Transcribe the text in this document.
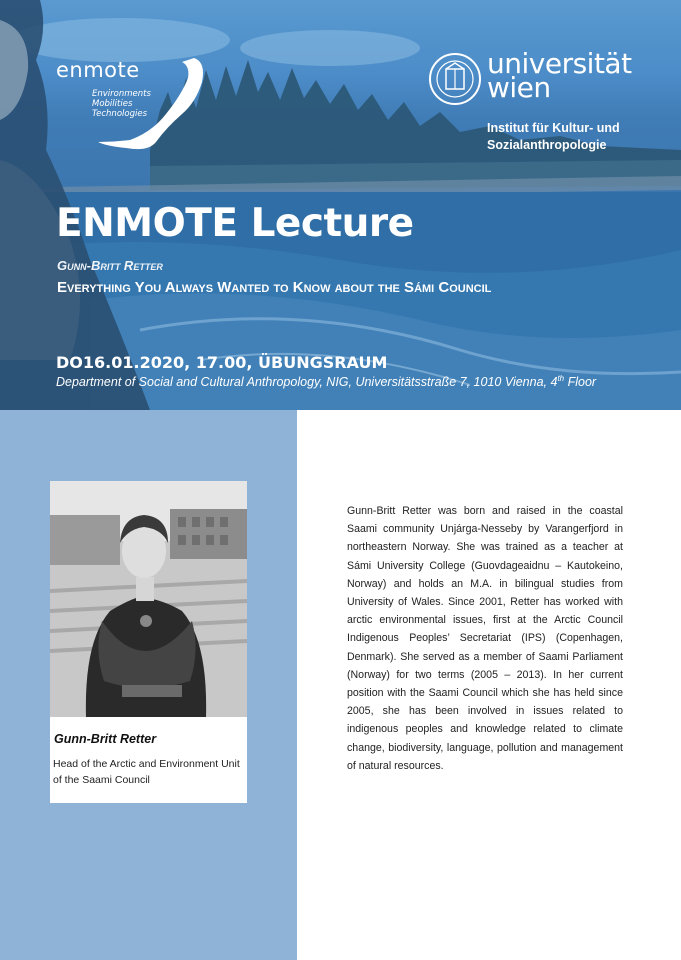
enmote
Environments
Mobilities
Technologies
universität
wien
Institut für Kultur- und
Sozialanthropologie
ENMOTE Lecture
Gunn-Britt Retter
Everything You Always Wanted to Know about the Sámi Council
DO16.01.2020, 17.00, ÜBUNGSRAUM
Department of Social and Cultural Anthropology, NIG, Universitätsstraße 7, 1010 Vienna, 4th Floor
Gunn-Britt Retter
Head of the Arctic and Environment Unit of the Saami Council
Gunn-Britt Retter was born and raised in the coastal Saami community Unjárga-Nesseby by Varangerfjord in northeastern Norway. She was trained as a teacher at Sámi University College (Guovdageaidnu – Kautokeino, Norway) and holds an M.A. in bilingual studies from University of Wales. Since 2001, Retter has worked with arctic environmental issues, first at the Arctic Council Indigenous Peoples’ Secretariat (IPS) (Copenhagen, Denmark). She served as a member of Saami Parliament (Norway) for two terms (2005 – 2013). In her current position with the Saami Council which she has held since 2005, she has been involved in issues related to indigenous peoples and knowledge related to climate change, biodiversity, language, pollution and management of natural resources.
